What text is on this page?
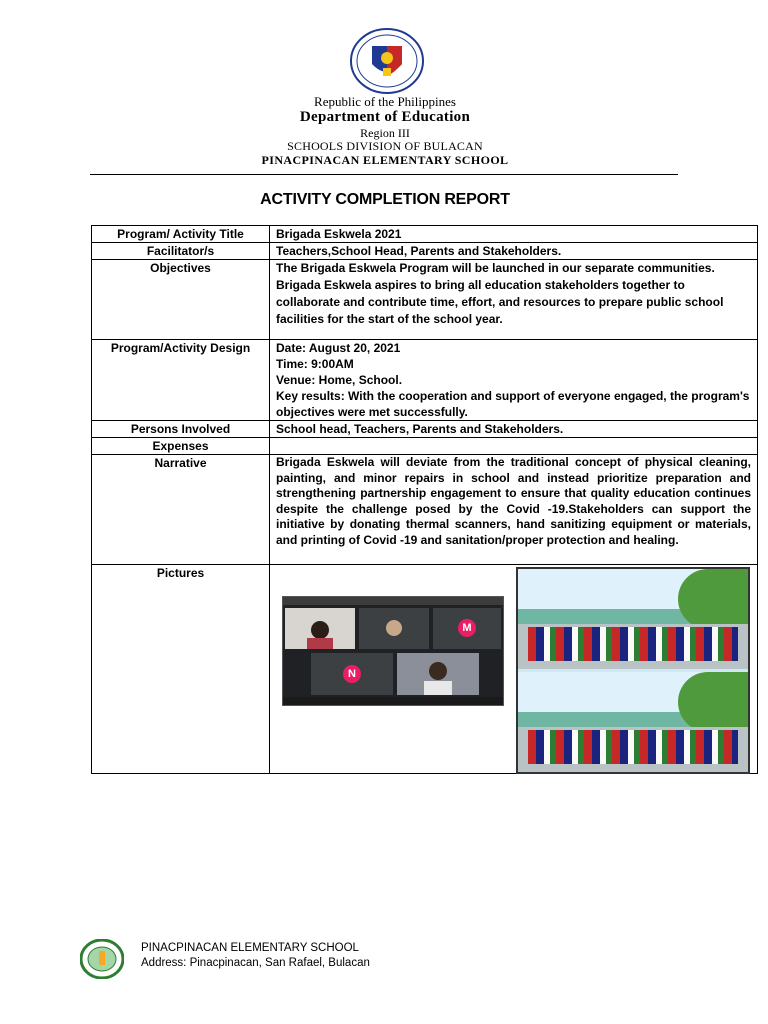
Republic of the Philippines
Department of Education
Region III
SCHOOLS DIVISION OF BULACAN
PINACPINACAN ELEMENTARY SCHOOL
ACTIVITY COMPLETION REPORT
Program/ Activity Title	Brigada Eskwela 2021
Facilitator/s	Teachers,School Head, Parents and Stakeholders.
Objectives	The Brigada Eskwela Program will be launched in our separate communities. Brigada Eskwela aspires to bring all education stakeholders together to collaborate and contribute time, effort, and resources to prepare public school facilities for the start of the school year.
Program/Activity Design	Date: August 20, 2021
Time: 9:00AM
Venue: Home, School.
Key results: With the cooperation and support of everyone engaged, the program's objectives were met successfully.

Persons Involved	School head, Teachers, Parents and Stakeholders.
Expenses	
Narrative	Brigada Eskwela will deviate from the traditional concept of physical cleaning, painting, and minor repairs in school and instead prioritize preparation and strengthening partnership engagement to ensure that quality education continues despite the challenge posed by the Covid -19.Stakeholders can support the initiative by donating thermal scanners, hand sanitizing equipment or materials, and printing of Covid -19 and sanitation/proper protection and healing.
Pictures	M
N
PINACPINACAN ELEMENTARY SCHOOL
Address: Pinacpinacan, San Rafael, Bulacan
